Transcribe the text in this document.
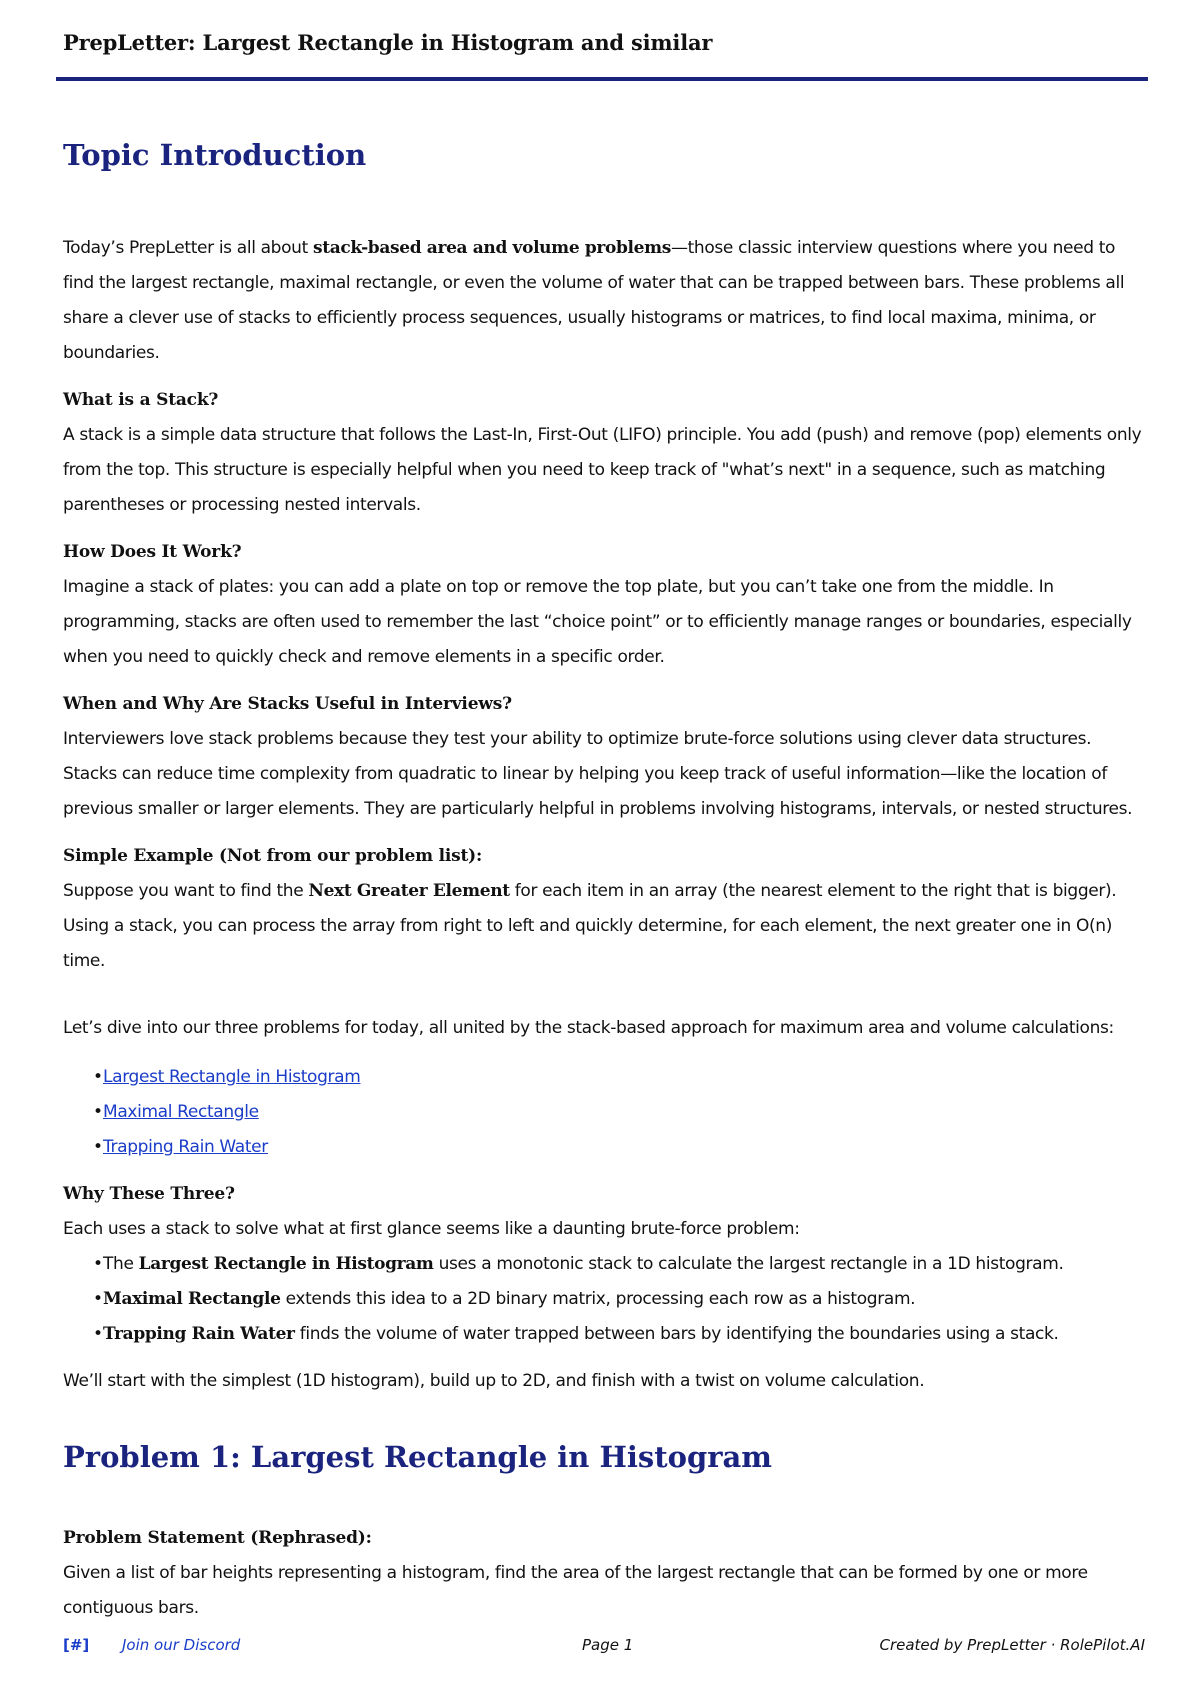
PrepLetter: Largest Rectangle in Histogram and similar
Topic Introduction

Today’s PrepLetter is all about stack-based area and volume problems—those classic interview questions where you need to find the largest rectangle, maximal rectangle, or even the volume of water that can be trapped between bars. These problems all share a clever use of stacks to efficiently process sequences, usually histograms or matrices, to find local maxima, minima, or boundaries.

What is a Stack?

A stack is a simple data structure that follows the Last-In, First-Out (LIFO) principle. You add (push) and remove (pop) elements only from the top. This structure is especially helpful when you need to keep track of "what’s next" in a sequence, such as matching parentheses or processing nested intervals.

How Does It Work?

Imagine a stack of plates: you can add a plate on top or remove the top plate, but you can’t take one from the middle. In programming, stacks are often used to remember the last “choice point” or to efficiently manage ranges or boundaries, especially when you need to quickly check and remove elements in a specific order.

When and Why Are Stacks Useful in Interviews?

Interviewers love stack problems because they test your ability to optimize brute-force solutions using clever data structures. Stacks can reduce time complexity from quadratic to linear by helping you keep track of useful information—like the location of previous smaller or larger elements. They are particularly helpful in problems involving histograms, intervals, or nested structures.

Simple Example (Not from our problem list):

Suppose you want to find the Next Greater Element for each item in an array (the nearest element to the right that is bigger). Using a stack, you can process the array from right to left and quickly determine, for each element, the next greater one in O(n) time.

Let’s dive into our three problems for today, all united by the stack-based approach for maximum area and volume calculations:

•Largest Rectangle in Histogram
•Maximal Rectangle
•Trapping Rain Water

Why These Three?

Each uses a stack to solve what at first glance seems like a daunting brute-force problem:

•The Largest Rectangle in Histogram uses a monotonic stack to calculate the largest rectangle in a 1D histogram.
•Maximal Rectangle extends this idea to a 2D binary matrix, processing each row as a histogram.
•Trapping Rain Water finds the volume of water trapped between bars by identifying the boundaries using a stack.

We’ll start with the simplest (1D histogram), build up to 2D, and finish with a twist on volume calculation.

Problem 1: Largest Rectangle in Histogram

Problem Statement (Rephrased):

Given a list of bar heights representing a histogram, find the area of the largest rectangle that can be formed by one or more contiguous bars.

[#] Join our Discord	Page 1	Created by PrepLetter · RolePilot.AI
